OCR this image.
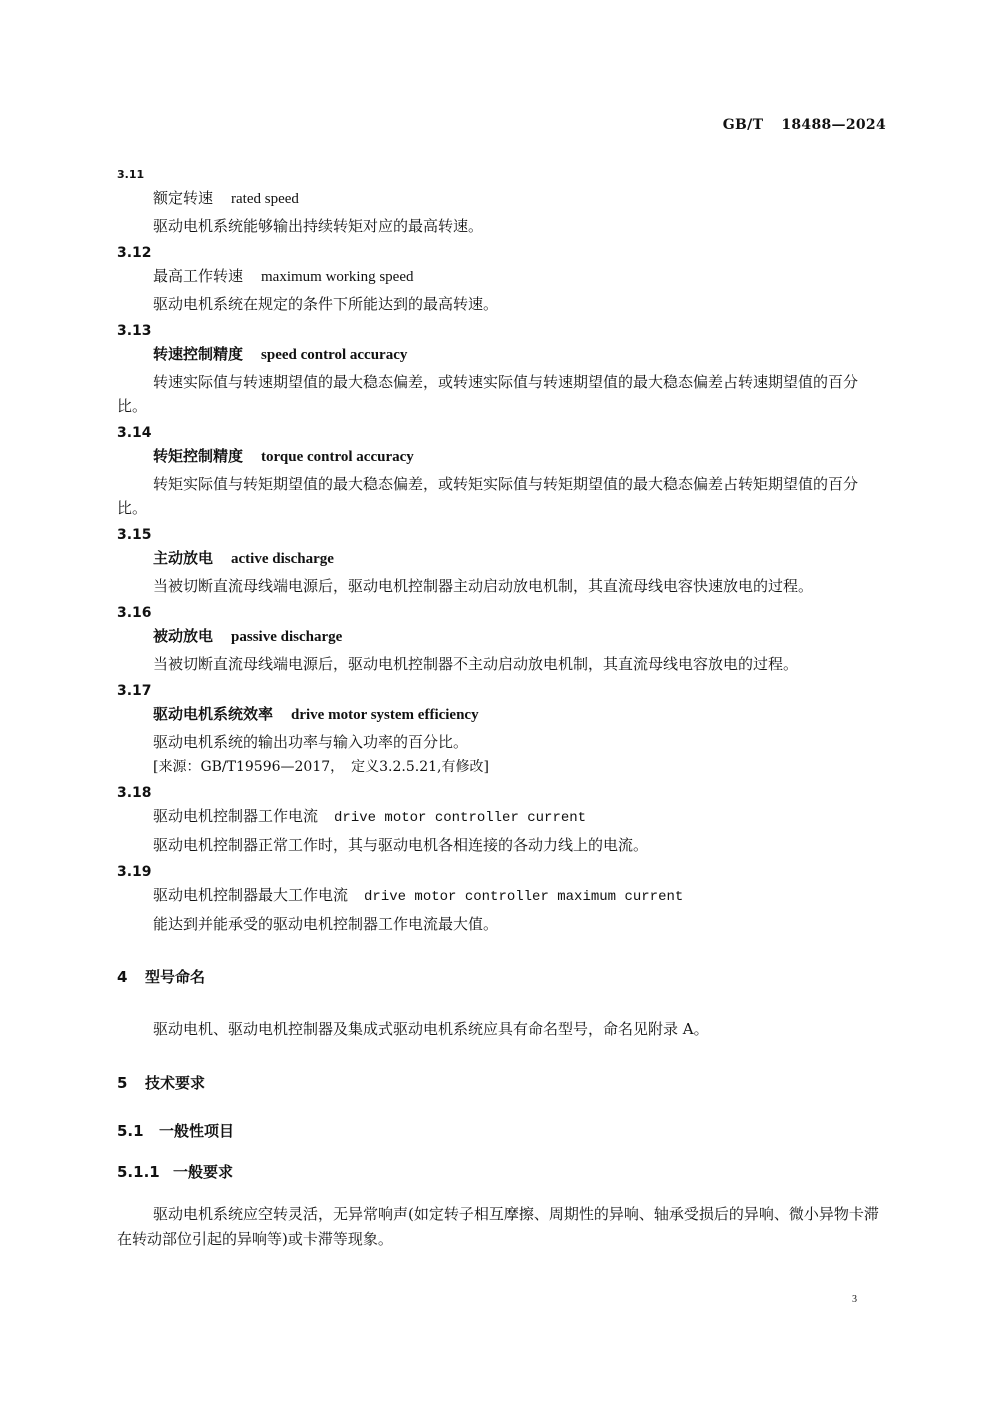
GB/T 18488—2024
3.11
额定转速 rated speed
驱动电机系统能够输出持续转矩对应的最高转速。
3.12
最高工作转速 maximum working speed
驱动电机系统在规定的条件下所能达到的最高转速。
3.13
转速控制精度 speed control accuracy
转速实际值与转速期望值的最大稳态偏差，或转速实际值与转速期望值的最大稳态偏差占转速期望值的百分比。
3.14
转矩控制精度 torque control accuracy
转矩实际值与转矩期望值的最大稳态偏差，或转矩实际值与转矩期望值的最大稳态偏差占转矩期望值的百分比。
3.15
主动放电 active discharge
当被切断直流母线端电源后，驱动电机控制器主动启动放电机制，其直流母线电容快速放电的过程。
3.16
被动放电 passive discharge
当被切断直流母线端电源后，驱动电机控制器不主动启动放电机制，其直流母线电容放电的过程。
3.17
驱动电机系统效率 drive motor system efficiency
驱动电机系统的输出功率与输入功率的百分比。
[来源：GB/T19596—2017，　定义3.2.5.21,有修改]
3.18
驱动电机控制器工作电流 drive motor controller current
驱动电机控制器正常工作时，其与驱动电机各相连接的各动力线上的电流。
3.19
驱动电机控制器最大工作电流 drive motor controller maximum current
能达到并能承受的驱动电机控制器工作电流最大值。
4 型号命名
驱动电机、驱动电机控制器及集成式驱动电机系统应具有命名型号，命名见附录 A。
5 技术要求
5.1 一般性项目
5.1.1 一般要求
驱动电机系统应空转灵活，无异常响声(如定转子相互摩擦、周期性的异响、轴承受损后的异响、微小异物卡滞在转动部位引起的异响等)或卡滞等现象。
3
